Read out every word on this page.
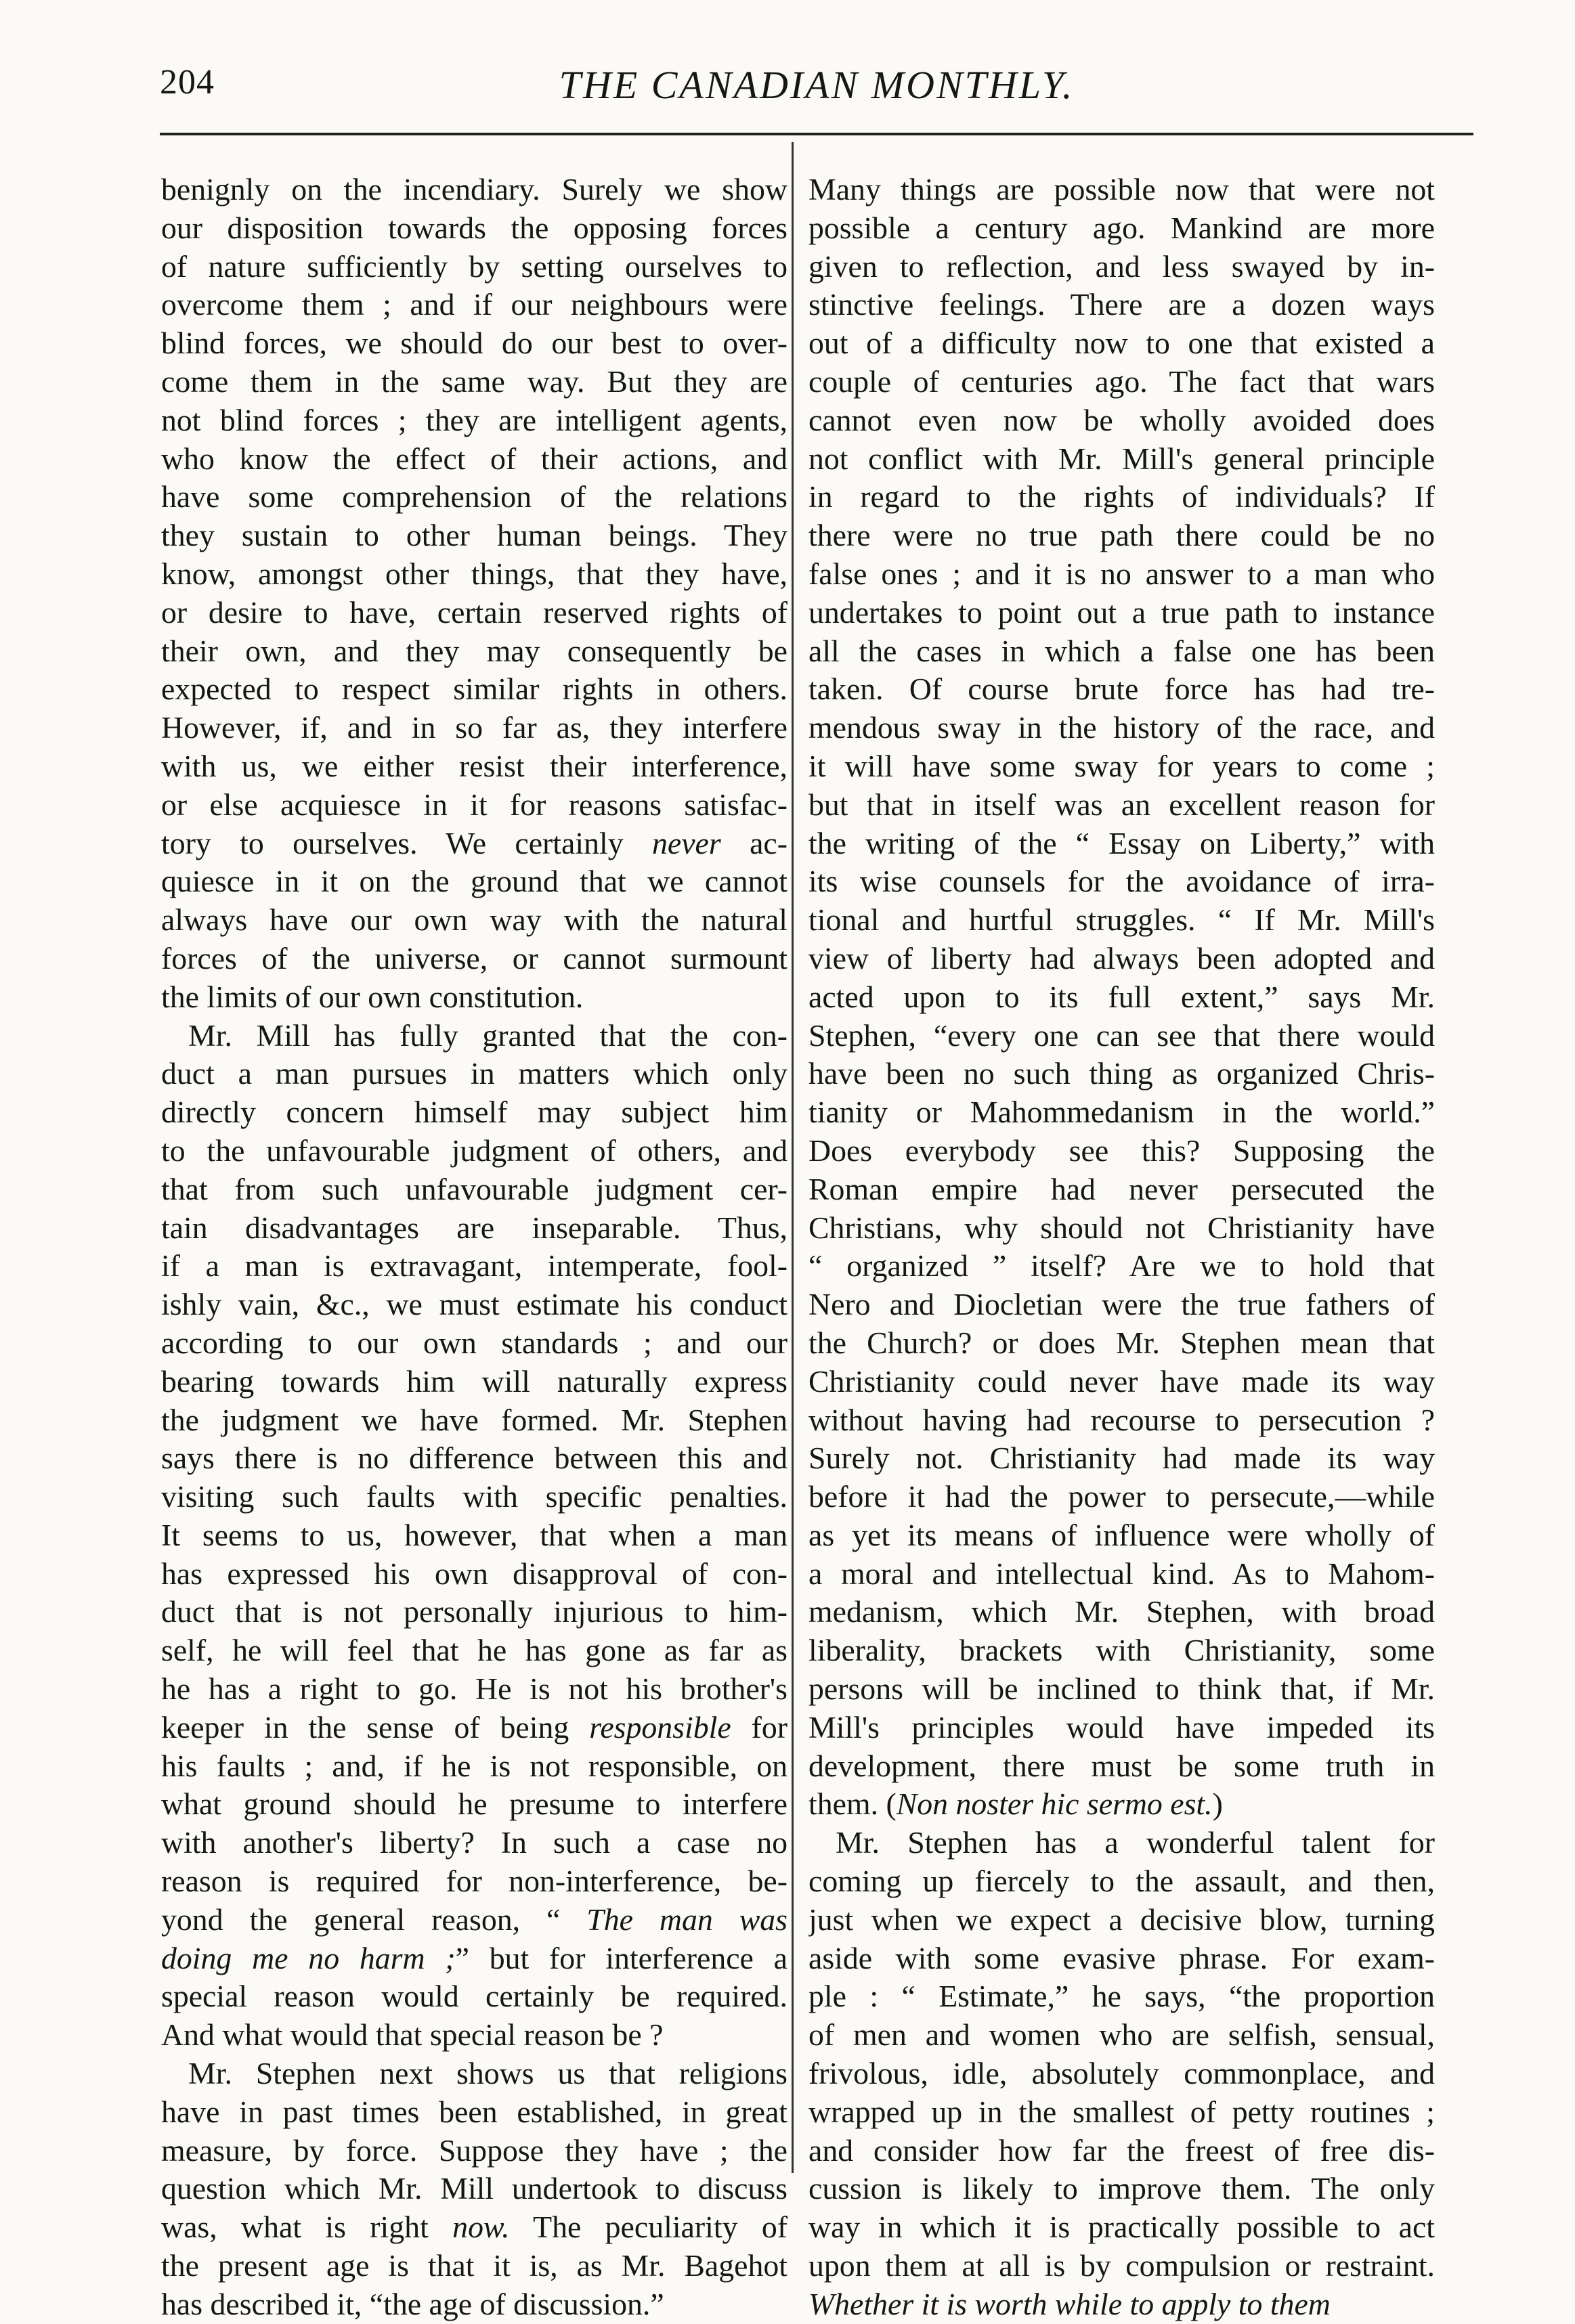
204	THE CANADIAN MONTHLY.
benignly on the incendiary. Surely we show
our disposition towards the opposing forces
of nature sufficiently by setting ourselves to
overcome them ; and if our neighbours were
blind forces, we should do our best to over-
come them in the same way. But they are
not blind forces ; they are intelligent agents,
who know the effect of their actions, and
have some comprehension of the relations
they sustain to other human beings. They
know, amongst other things, that they have,
or desire to have, certain reserved rights of
their own, and they may consequently be
expected to respect similar rights in others.
However, if, and in so far as, they interfere
with us, we either resist their interference,
or else acquiesce in it for reasons satisfac-
tory to ourselves. We certainly never ac-
quiesce in it on the ground that we cannot
always have our own way with the natural
forces of the universe, or cannot surmount
the limits of our own constitution.
Mr. Mill has fully granted that the con-
duct a man pursues in matters which only
directly concern himself may subject him
to the unfavourable judgment of others, and
that from such unfavourable judgment cer-
tain disadvantages are inseparable. Thus,
if a man is extravagant, intemperate, fool-
ishly vain, &c., we must estimate his conduct
according to our own standards ; and our
bearing towards him will naturally express
the judgment we have formed. Mr. Stephen
says there is no difference between this and
visiting such faults with specific penalties.
It seems to us, however, that when a man
has expressed his own disapproval of con-
duct that is not personally injurious to him-
self, he will feel that he has gone as far as
he has a right to go. He is not his brother's
keeper in the sense of being responsible for
his faults ; and, if he is not responsible, on
what ground should he presume to interfere
with another's liberty? In such a case no
reason is required for non-interference, be-
yond the general reason, “ The man was
doing me no harm ;” but for interference a
special reason would certainly be required.
And what would that special reason be ?
Mr. Stephen next shows us that religions
have in past times been established, in great
measure, by force. Suppose they have ; the
question which Mr. Mill undertook to discuss
was, what is right now. The peculiarity of
the present age is that it is, as Mr. Bagehot
has described it, “the age of discussion.”
Many things are possible now that were not
possible a century ago. Mankind are more
given to reflection, and less swayed by in-
stinctive feelings. There are a dozen ways
out of a difficulty now to one that existed a
couple of centuries ago. The fact that wars
cannot even now be wholly avoided does
not conflict with Mr. Mill's general principle
in regard to the rights of individuals? If
there were no true path there could be no
false ones ; and it is no answer to a man who
undertakes to point out a true path to instance
all the cases in which a false one has been
taken. Of course brute force has had tre-
mendous sway in the history of the race, and
it will have some sway for years to come ;
but that in itself was an excellent reason for
the writing of the “ Essay on Liberty,” with
its wise counsels for the avoidance of irra-
tional and hurtful struggles. “ If Mr. Mill's
view of liberty had always been adopted and
acted upon to its full extent,” says Mr.
Stephen, “every one can see that there would
have been no such thing as organized Chris-
tianity or Mahommedanism in the world.”
Does everybody see this? Supposing the
Roman empire had never persecuted the
Christians, why should not Christianity have
“ organized ” itself? Are we to hold that
Nero and Diocletian were the true fathers of
the Church? or does Mr. Stephen mean that
Christianity could never have made its way
without having had recourse to persecution ?
Surely not. Christianity had made its way
before it had the power to persecute,—while
as yet its means of influence were wholly of
a moral and intellectual kind. As to Mahom-
medanism, which Mr. Stephen, with broad
liberality, brackets with Christianity, some
persons will be inclined to think that, if Mr.
Mill's principles would have impeded its
development, there must be some truth in
them. (Non noster hic sermo est.)
Mr. Stephen has a wonderful talent for
coming up fiercely to the assault, and then,
just when we expect a decisive blow, turning
aside with some evasive phrase. For exam-
ple : “ Estimate,” he says, “the proportion
of men and women who are selfish, sensual,
frivolous, idle, absolutely commonplace, and
wrapped up in the smallest of petty routines ;
and consider how far the freest of free dis-
cussion is likely to improve them. The only
way in which it is practically possible to act
upon them at all is by compulsion or restraint.
Whether it is worth while to apply to them
